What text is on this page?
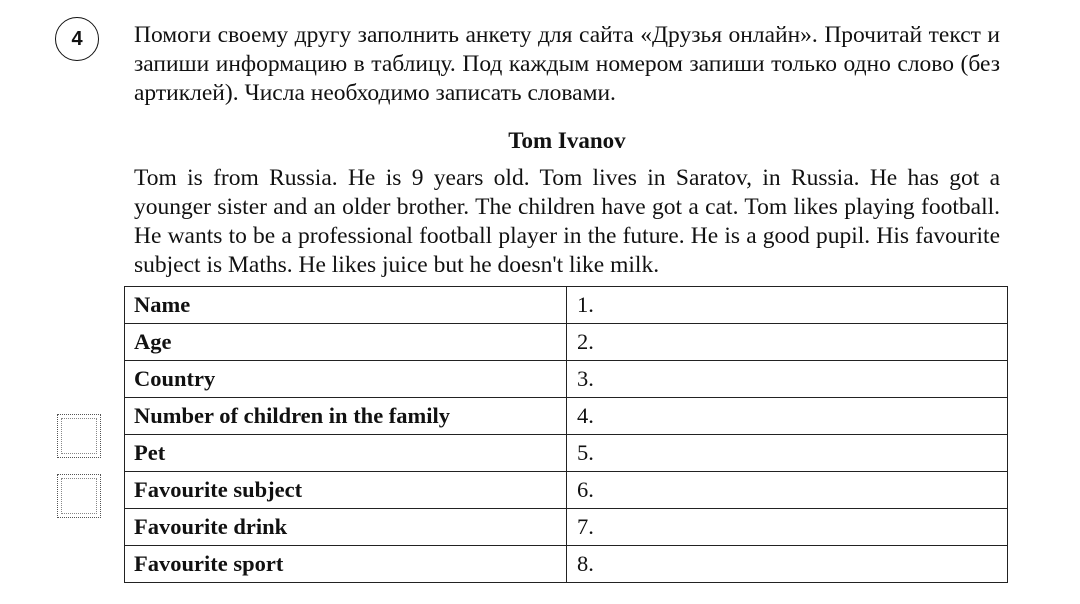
4 Помоги своему другу заполнить анкету для сайта «Друзья онлайн». Прочитай текст и запиши информацию в таблицу. Под каждым номером запиши только одно слово (без артиклей). Числа необходимо записать словами.

Tom Ivanov

Tom is from Russia. He is 9 years old. Tom lives in Saratov, in Russia. He has got a younger sister and an older brother. The children have got a cat. Tom likes playing football. He wants to be a professional football player in the future. He is a good pupil. His favourite subject is Maths. He likes juice but he doesn't like milk.

Name	1.
Age	2.
Country	3.
Number of children in the family	4.
Pet	5.
Favourite subject	6.
Favourite drink	7.
Favourite sport	8.
